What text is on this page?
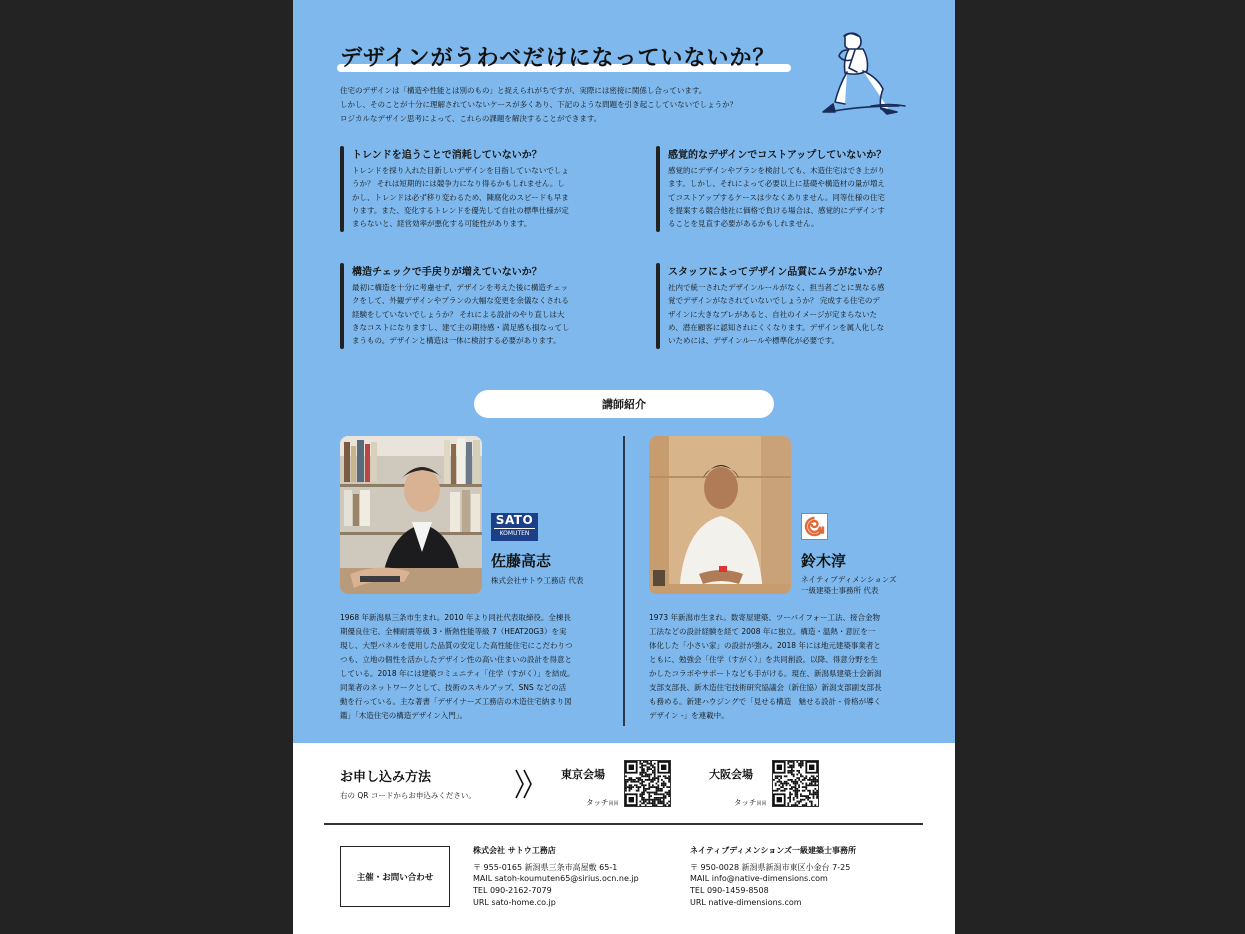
デザインがうわべだけになっていないか？

住宅のデザインは「構造や性能とは別のもの」と捉えられがちですが、実際には密接に関係し合っています。

しかし、そのことが十分に理解されていないケースが多くあり、下記のような問題を引き起こしていないでしょうか？

ロジカルなデザイン思考によって、これらの課題を解決することができます。

トレンドを追うことで消耗していないか？

トレンドを採り入れた目新しいデザインを目指していないでしょ

うか？ それは短期的には競争力になり得るかもしれません。し

かし、トレンドは必ず移り変わるため、陳腐化のスピードも早ま

ります。また、変化するトレンドを優先して自社の標準仕様が定

まらないと、経営効率が悪化する可能性があります。

感覚的なデザインでコストアップしていないか？

感覚的にデザインやプランを検討しても、木造住宅はでき上がり

ます。しかし、それによって必要以上に基礎や構造材の量が増え

てコストアップするケースは少なくありません。同等仕様の住宅

を提案する競合他社に価格で負ける場合は、感覚的にデザインす

ることを見直す必要があるかもしれません。

構造チェックで手戻りが増えていないか？

最初に構造を十分に考慮せず、デザインを考えた後に構造チェッ

クをして、外観デザインやプランの大幅な変更を余儀なくされる

経験をしていないでしょうか？ それによる設計のやり直しは大

きなコストになりますし、建て主の期待感・満足感も損なってし

まうもの。デザインと構造は一体に検討する必要があります。

スタッフによってデザイン品質にムラがないか？

社内で統一されたデザインルールがなく、担当者ごとに異なる感

覚でデザインがなされていないでしょうか？ 完成する住宅のデ

ザインに大きなブレがあると、自社のイメージが定まらないた

め、潜在顧客に認知されにくくなります。デザインを属人化しな

いためには、デザインルールや標準化が必要です。

講師紹介
SATO
KOMUTEN
佐藤高志
株式会社サトウ工務店 代表

1968 年新潟県三条市生まれ。2010 年より同社代表取締役。全棟長

期優良住宅、全棟耐震等級 3・断熱性能等級 7（HEAT20G3）を実

現し、大型パネルを使用した品質の安定した高性能住宅にこだわりつ

つも、立地の個性を活かしたデザイン性の高い住まいの設計を得意と

している。2018 年には建築コミュニティ「住学（すがく）」を結成。

同業者のネットワークとして、技術のスキルアップ、SNS などの活

動を行っている。主な著書「デザイナーズ工務店の木造住宅納まり図

鑑」「木造住宅の構造デザイン入門」。

鈴木淳
ネイティブディメンションズ
一級建築士事務所 代表

1973 年新潟市生まれ。数寄屋建築、ツーバイフォー工法、接合金物

工法などの設計経験を経て 2008 年に独立。構造・温熱・意匠を一

体化した「小さい家」の設計が強み。2018 年には地元建築事業者と

ともに、勉強会「住学（すがく）」を共同創設。以降、得意分野を生

かしたコラボやサポートなども手がける。現在、新潟県建築士会新潟

支部支部長、新木造住宅技術研究協議会（新住協）新潟支部副支部長

も務める。新建ハウジングで「見せる構造　魅せる設計 - 骨格が導く

デザイン -」を連載中。

お申し込み方法
右の QR コードからお申込みください。
東京会場
タッチ回回
大阪会場
タッチ回回
主催・お問い合わせ
株式会社 サトウ工務店
〒 955-0165 新潟県三条市高屋敷 65-1
MAIL satoh-koumuten65@sirius.ocn.ne.jp
TEL 090-2162-7079
URL sato-home.co.jp
ネイティブディメンションズ一級建築士事務所
〒 950-0028 新潟県新潟市東区小金台 7-25
MAIL info@native-dimensions.com
TEL 090-1459-8508
URL native-dimensions.com
